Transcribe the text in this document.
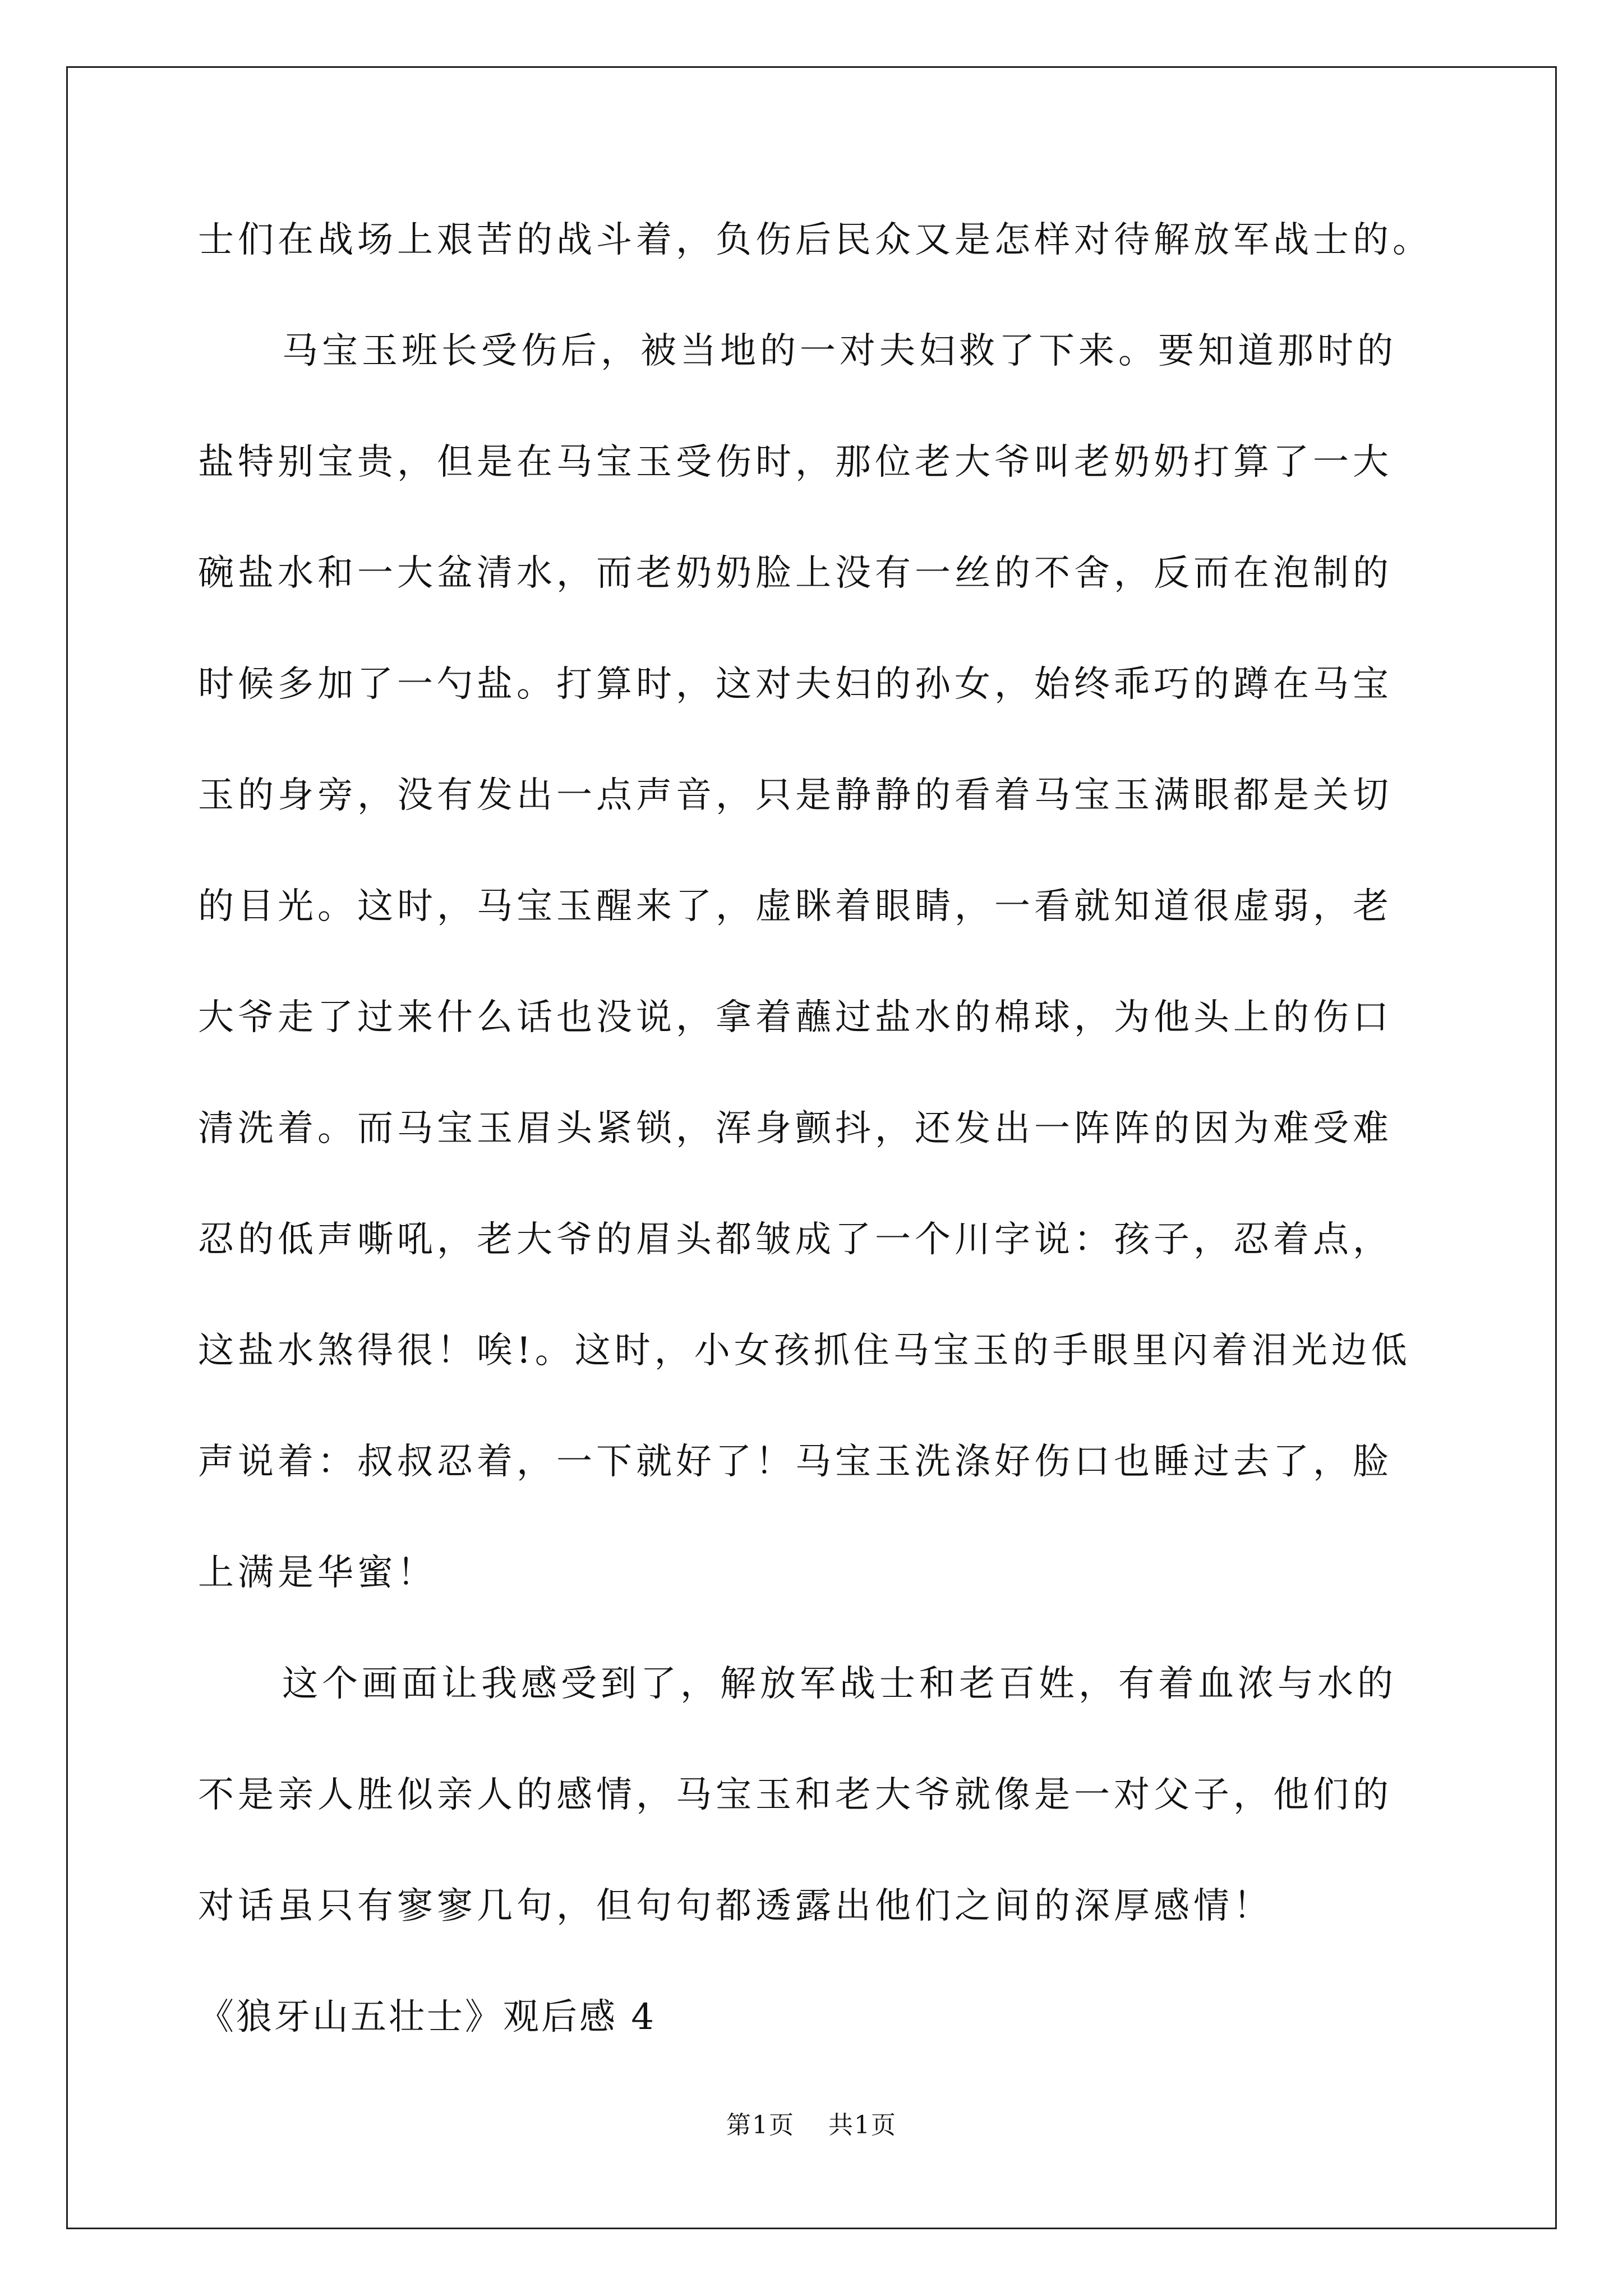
士们在战场上艰苦的战斗着，负伤后民众又是怎样对待解放军战士的。
马宝玉班长受伤后，被当地的一对夫妇救了下来。要知道那时的
盐特别宝贵，但是在马宝玉受伤时，那位老大爷叫老奶奶打算了一大
碗盐水和一大盆清水，而老奶奶脸上没有一丝的不舍，反而在泡制的
时候多加了一勺盐。打算时，这对夫妇的孙女，始终乖巧的蹲在马宝
玉的身旁，没有发出一点声音，只是静静的看着马宝玉满眼都是关切
的目光。这时，马宝玉醒来了，虚眯着眼睛，一看就知道很虚弱，老
大爷走了过来什么话也没说，拿着蘸过盐水的棉球，为他头上的伤口
清洗着。而马宝玉眉头紧锁，浑身颤抖，还发出一阵阵的因为难受难
忍的低声嘶吼，老大爷的眉头都皱成了一个川字说：孩子，忍着点，
这盐水煞得很！唉!。这时，小女孩抓住马宝玉的手眼里闪着泪光边低
声说着：叔叔忍着，一下就好了！马宝玉洗涤好伤口也睡过去了，脸
上满是华蜜！
这个画面让我感受到了，解放军战士和老百姓，有着血浓与水的
不是亲人胜似亲人的感情，马宝玉和老大爷就像是一对父子，他们的
对话虽只有寥寥几句，但句句都透露出他们之间的深厚感情！
《狼牙山五壮士》观后感 4
第1页 共1页
